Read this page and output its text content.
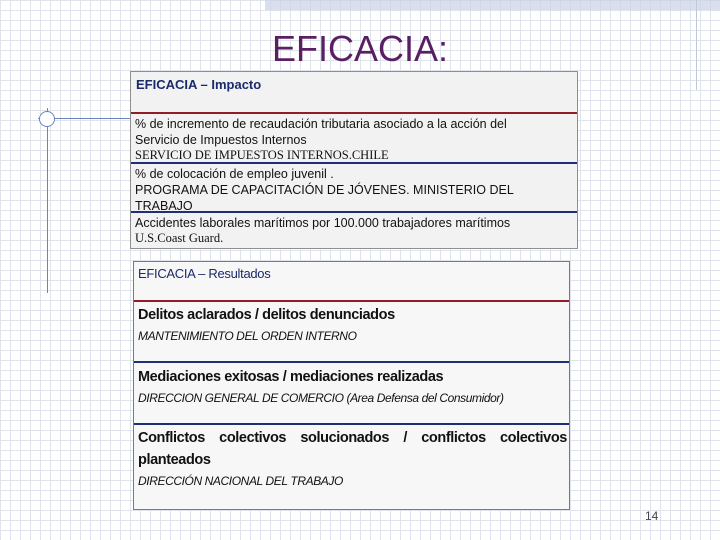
EFICACIA:
EFICACIA – Impacto
% de incremento de recaudación tributaria asociado a la acción del
Servicio de Impuestos Internos
SERVICIO DE IMPUESTOS INTERNOS.CHILE
% de colocación de empleo juvenil .
PROGRAMA DE CAPACITACIÓN DE JÓVENES. MINISTERIO DEL
TRABAJO
Accidentes laborales marítimos por 100.000 trabajadores marítimos
U.S.Coast Guard.
EFICACIA – Resultados
Delitos aclarados / delitos denunciados
MANTENIMIENTO DEL ORDEN INTERNO
Mediaciones exitosas / mediaciones realizadas
DIRECCION GENERAL DE COMERCIO (Area Defensa del Consumidor)
Conflictos colectivos solucionados / conflictos colectivos
planteados
DIRECCIÓN NACIONAL DEL TRABAJO
14
